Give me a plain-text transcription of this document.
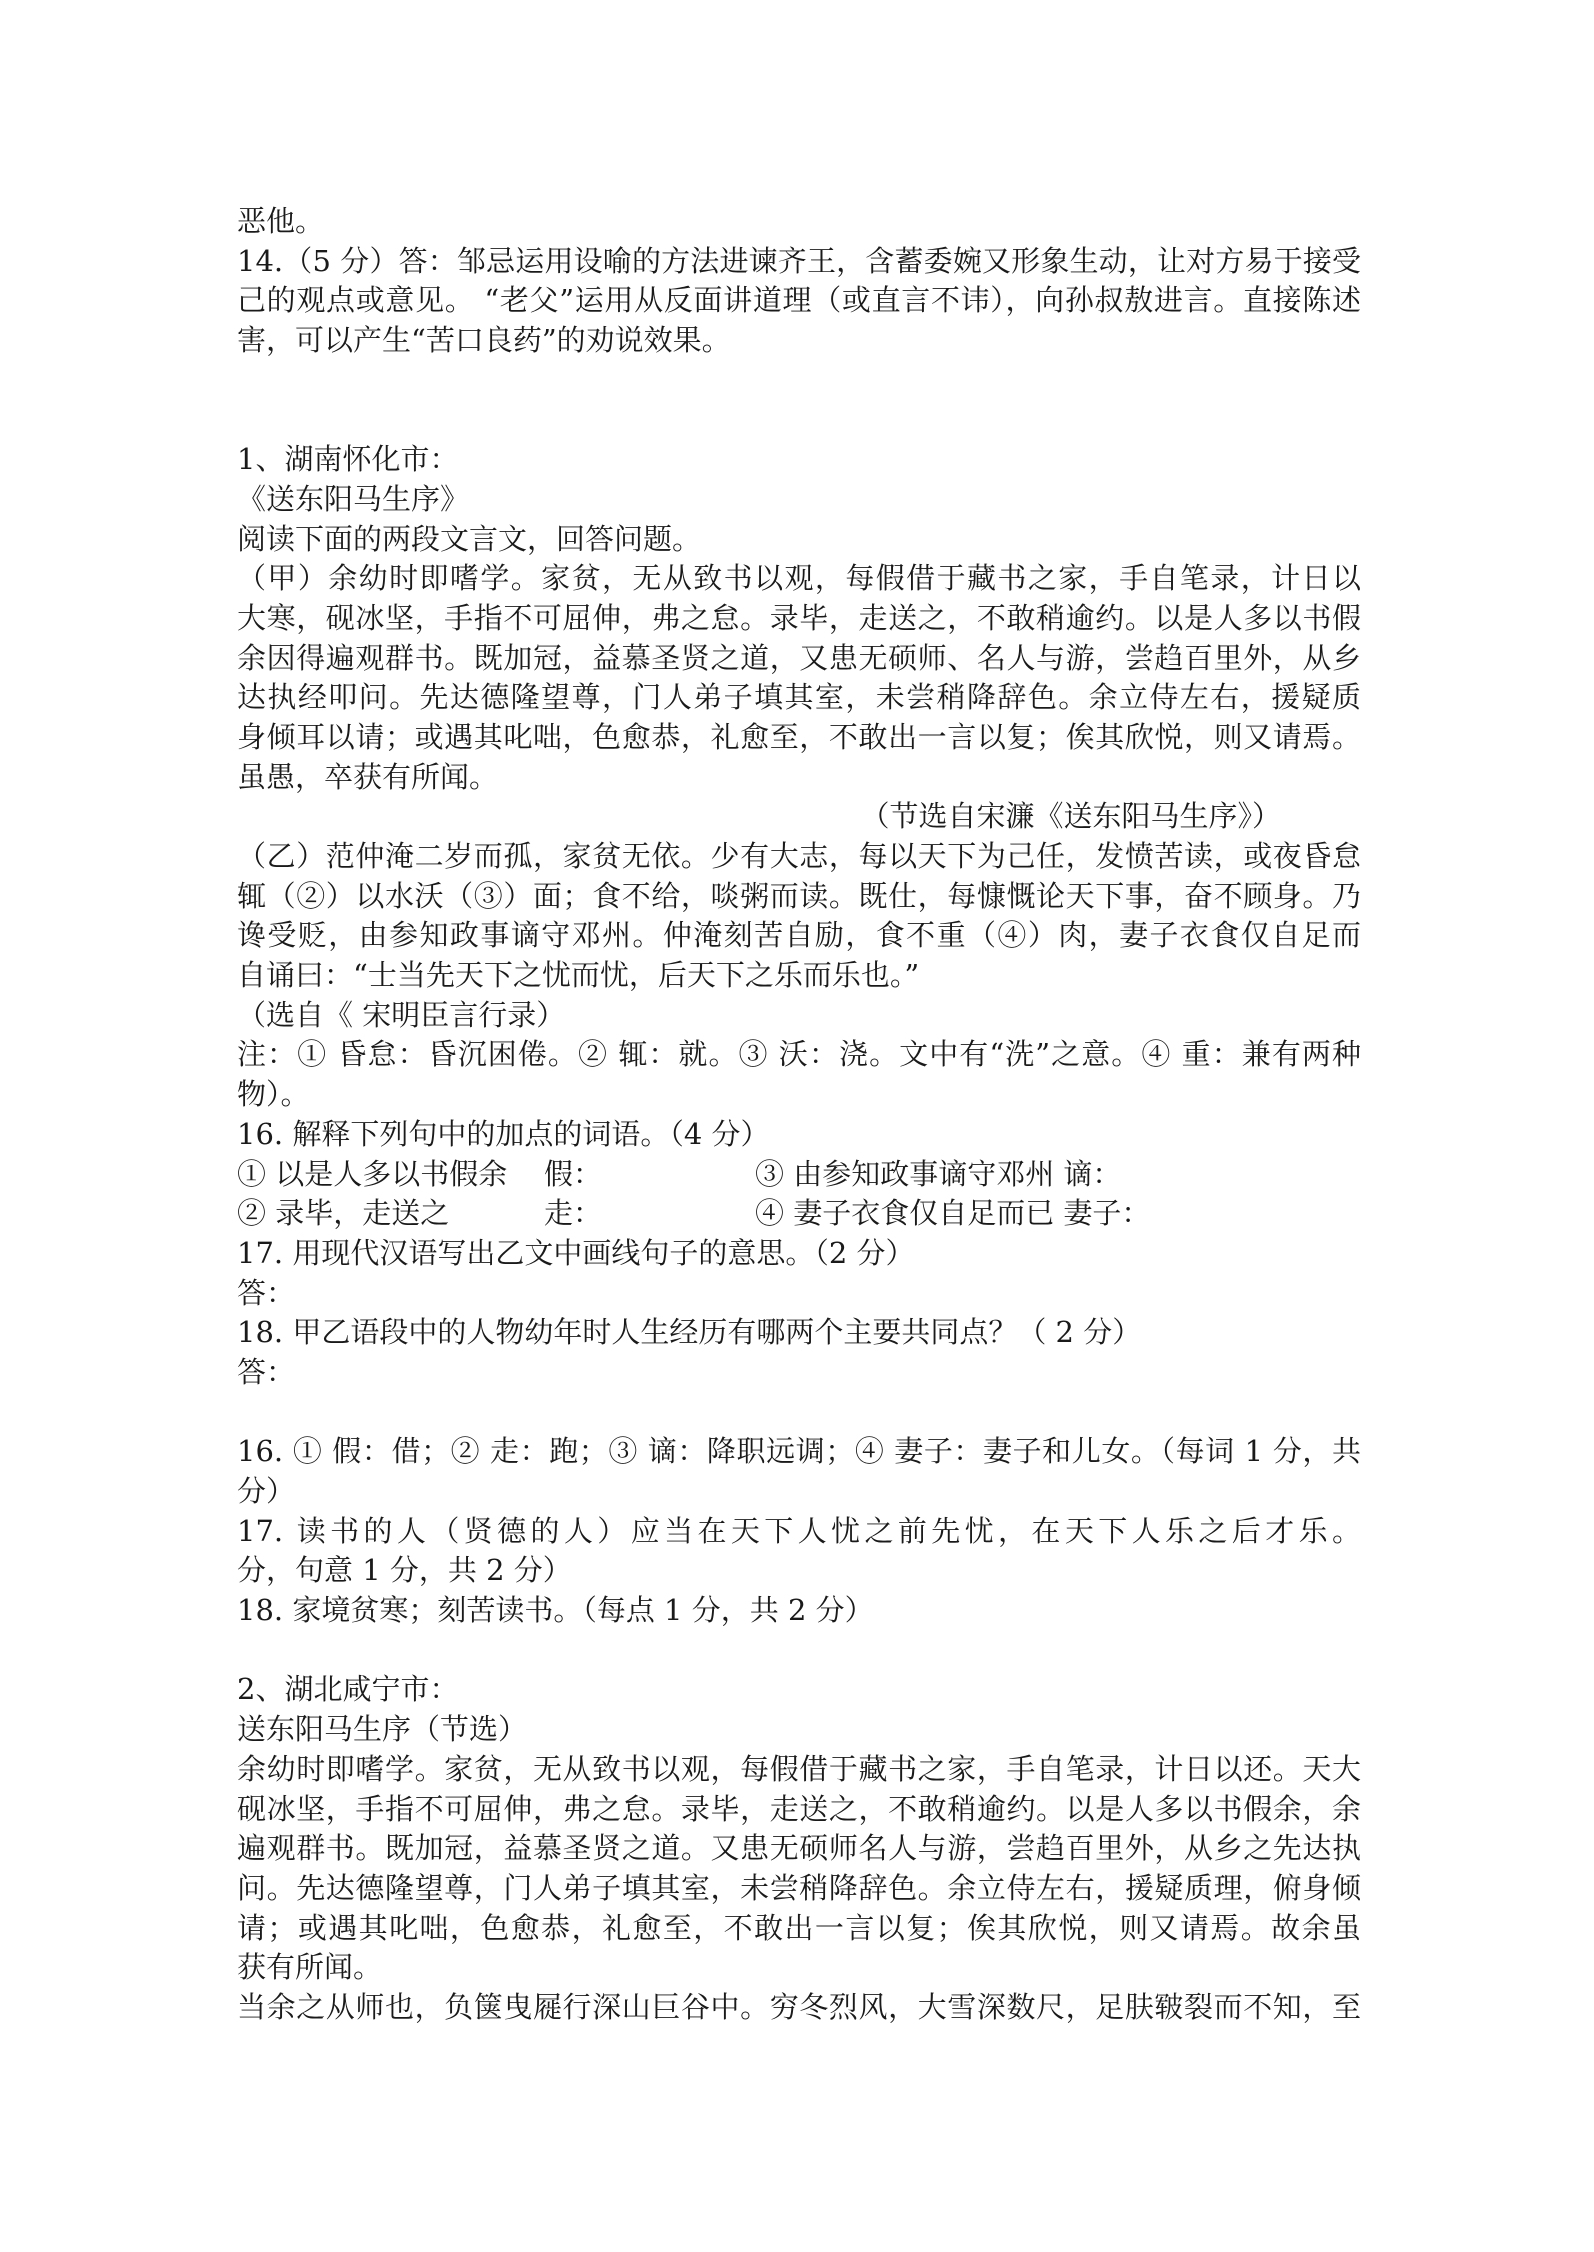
恶他。
14.（5 分）答：邹忌运用设喻的方法进谏齐王，含蓄委婉又形象生动，让对方易于接受
己的观点或意见。 “老父”运用从反面讲道理（或直言不讳），向孙叔敖进言。直接陈述
害，可以产生“苦口良药”的劝说效果。
1、湖南怀化市：
《送东阳马生序》
阅读下面的两段文言文，回答问题。
（甲）余幼时即嗜学。家贫，无从致书以观，每假借于藏书之家，手自笔录，计日以
大寒，砚冰坚，手指不可屈伸，弗之怠。录毕，走送之，不敢稍逾约。以是人多以书假
余因得遍观群书。既加冠，益慕圣贤之道，又患无硕师、名人与游，尝趋百里外，从乡
达执经叩问。先达德隆望尊，门人弟子填其室，未尝稍降辞色。余立侍左右，援疑质
身倾耳以请；或遇其叱咄，色愈恭，礼愈至，不敢出一言以复；俟其欣悦，则又请焉。
虽愚，卒获有所闻。
（节选自宋濂《送东阳马生序》）
（乙）范仲淹二岁而孤，家贫无依。少有大志，每以天下为己任，发愤苦读，或夜昏怠
辄（②）以水沃（③）面；食不给，啖粥而读。既仕，每慷慨论天下事，奋不顾身。乃
谗受贬，由参知政事谪守邓州。仲淹刻苦自励，食不重（④）肉，妻子衣食仅自足而
自诵曰：“士当先天下之忧而忧，后天下之乐而乐也。”
（选自《 宋明臣言行录）
注：① 昏怠：昏沉困倦。② 辄：就。③ 沃：浇。文中有“洗”之意。④ 重：兼有两种
物）。
16. 解释下列句中的加点的词语。（4 分）
① 以是人多以书假余 假：	③ 由参知政事谪守邓州 谪：
② 录毕，走送之	走：	④ 妻子衣食仅自足而已 妻子：
17. 用现代汉语写出乙文中画线句子的意思。（2 分）
答：
18. 甲乙语段中的人物幼年时人生经历有哪两个主要共同点？（ 2 分）
答：
16. ① 假：借；② 走：跑；③ 谪：降职远调；④ 妻子：妻子和儿女。（每词 1 分，共
分）
17. 读书的人（贤德的人）应当在天下人忧之前先忧，在天下人乐之后才乐。
分，句意 1 分，共 2 分）
18. 家境贫寒；刻苦读书。（每点 1 分，共 2 分）
2、湖北咸宁市：
送东阳马生序（节选）
余幼时即嗜学。家贫，无从致书以观，每假借于藏书之家，手自笔录，计日以还。天大
砚冰坚，手指不可屈伸，弗之怠。录毕，走送之，不敢稍逾约。以是人多以书假余，余
遍观群书。既加冠，益慕圣贤之道。又患无硕师名人与游，尝趋百里外，从乡之先达执
问。先达德隆望尊，门人弟子填其室，未尝稍降辞色。余立侍左右，援疑质理，俯身倾
请；或遇其叱咄，色愈恭，礼愈至，不敢出一言以复；俟其欣悦，则又请焉。故余虽
获有所闻。
当余之从师也，负箧曳屣行深山巨谷中。穷冬烈风，大雪深数尺，足肤皲裂而不知，至
